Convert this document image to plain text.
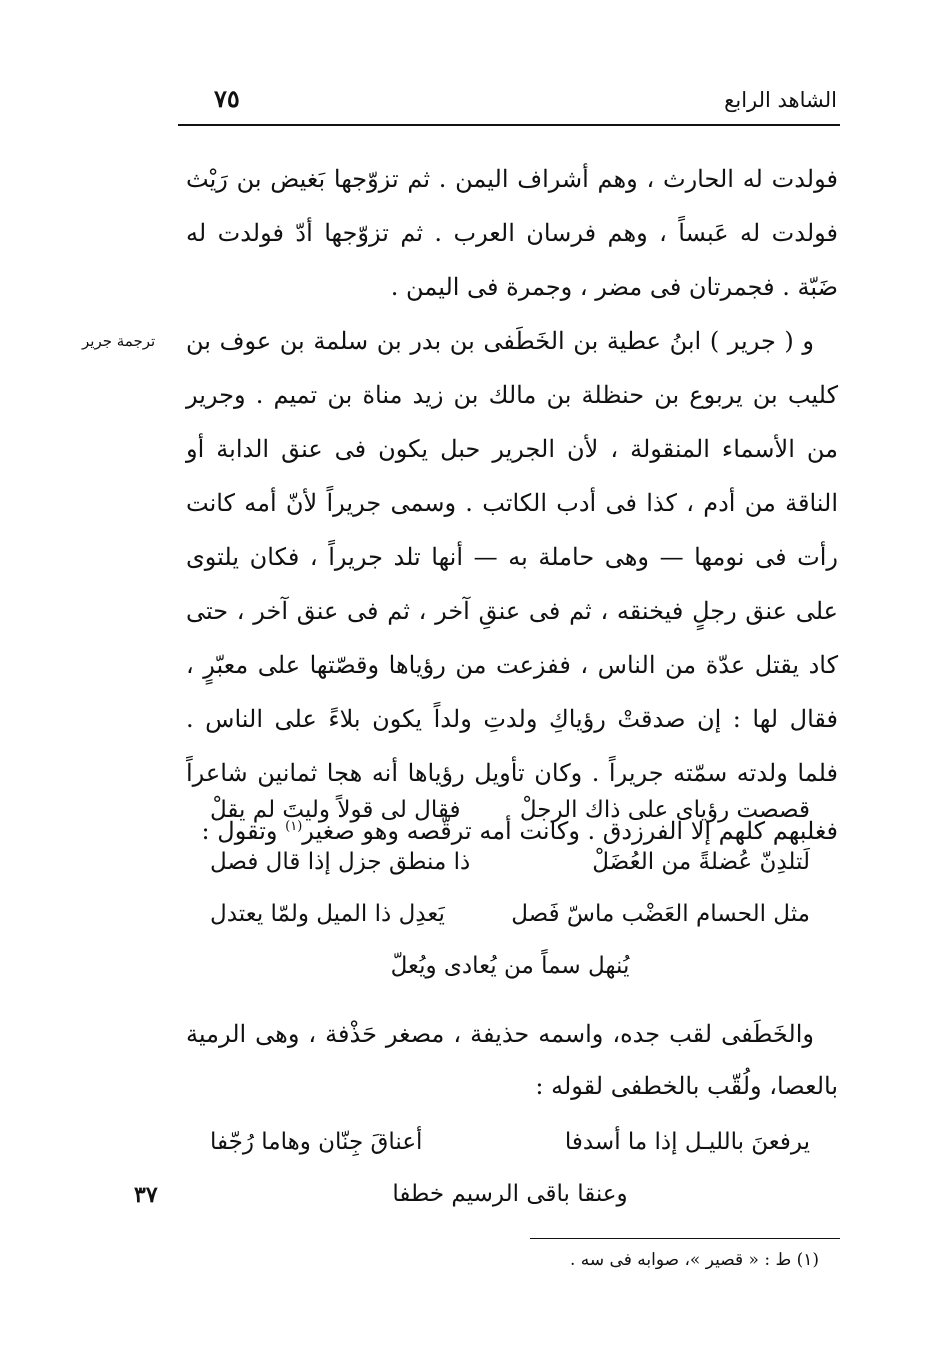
الشاهد الرابع
٧٥
ترجمة جرير

فولدت له الحارث ، وهم أشراف اليمن . ثم تزوّجها بَغيض بن رَيْث فولدت له عَبساً ، وهم فرسان العرب . ثم تزوّجها أدّ فولدت له ضَبّة . فجمرتان فى مضر ، وجمرة فى اليمن .

و ( جرير ) ابنُ عطية بن الخَطَفى بن بدر بن سلمة بن عوف بن كليب بن يربوع بن حنظلة بن مالك بن زيد مناة بن تميم . وجرير من الأسماء المنقولة ، لأن الجرير حبل يكون فى عنق الدابة أو الناقة من أدم ، كذا فى أدب الكاتب . وسمى جريراً لأنّ أمه كانت رأت فى نومها — وهى حاملة به — أنها تلد جريراً ، فكان يلتوى على عنق رجلٍ فيخنقه ، ثم فى عنقِ آخر ، ثم فى عنق آخر ، حتى كاد يقتل عدّة من الناس ، ففزعت من رؤياها وقصّتها على معبّرٍ ، فقال لها : إن صدقتْ رؤياكِ ولدتِ ولداً يكون بلاءً على الناس . فلما ولدته سمّته جريراً . وكان تأويل رؤياها أنه هجا ثمانين شاعراً فغلبهم كلهم إلا الفرزدق . وكانت أمه ترقّصه وهو صغير$^{(١)}$ وتقول :

قصصت رؤياى على ذاك الرجلْ
فقال لى قولاً وليتَ لم يقلْ
لَتلدِنّ عُضلةً من العُضَلْ
ذا منطق جزل إذا قال فصل
مثل الحسام العَضْب ماسّ فَصل
يَعدِل ذا الميل ولمّا يعتدل
يُنهل سماً من يُعادى ويُعلّ

والخَطَفى لقب جده، واسمه حذيفة ، مصغر حَذْفة ، وهى الرمية بالعصا، ولُقّب بالخطفى لقوله :

يرفعنَ بالليـل إذا ما أسدفا
أعناقَ جِنّان وهاما رُجّفا
وعنقا باقى الرسيم خطفا
٣٧
(١) ط : « قصير »، صوابه فى سه .
